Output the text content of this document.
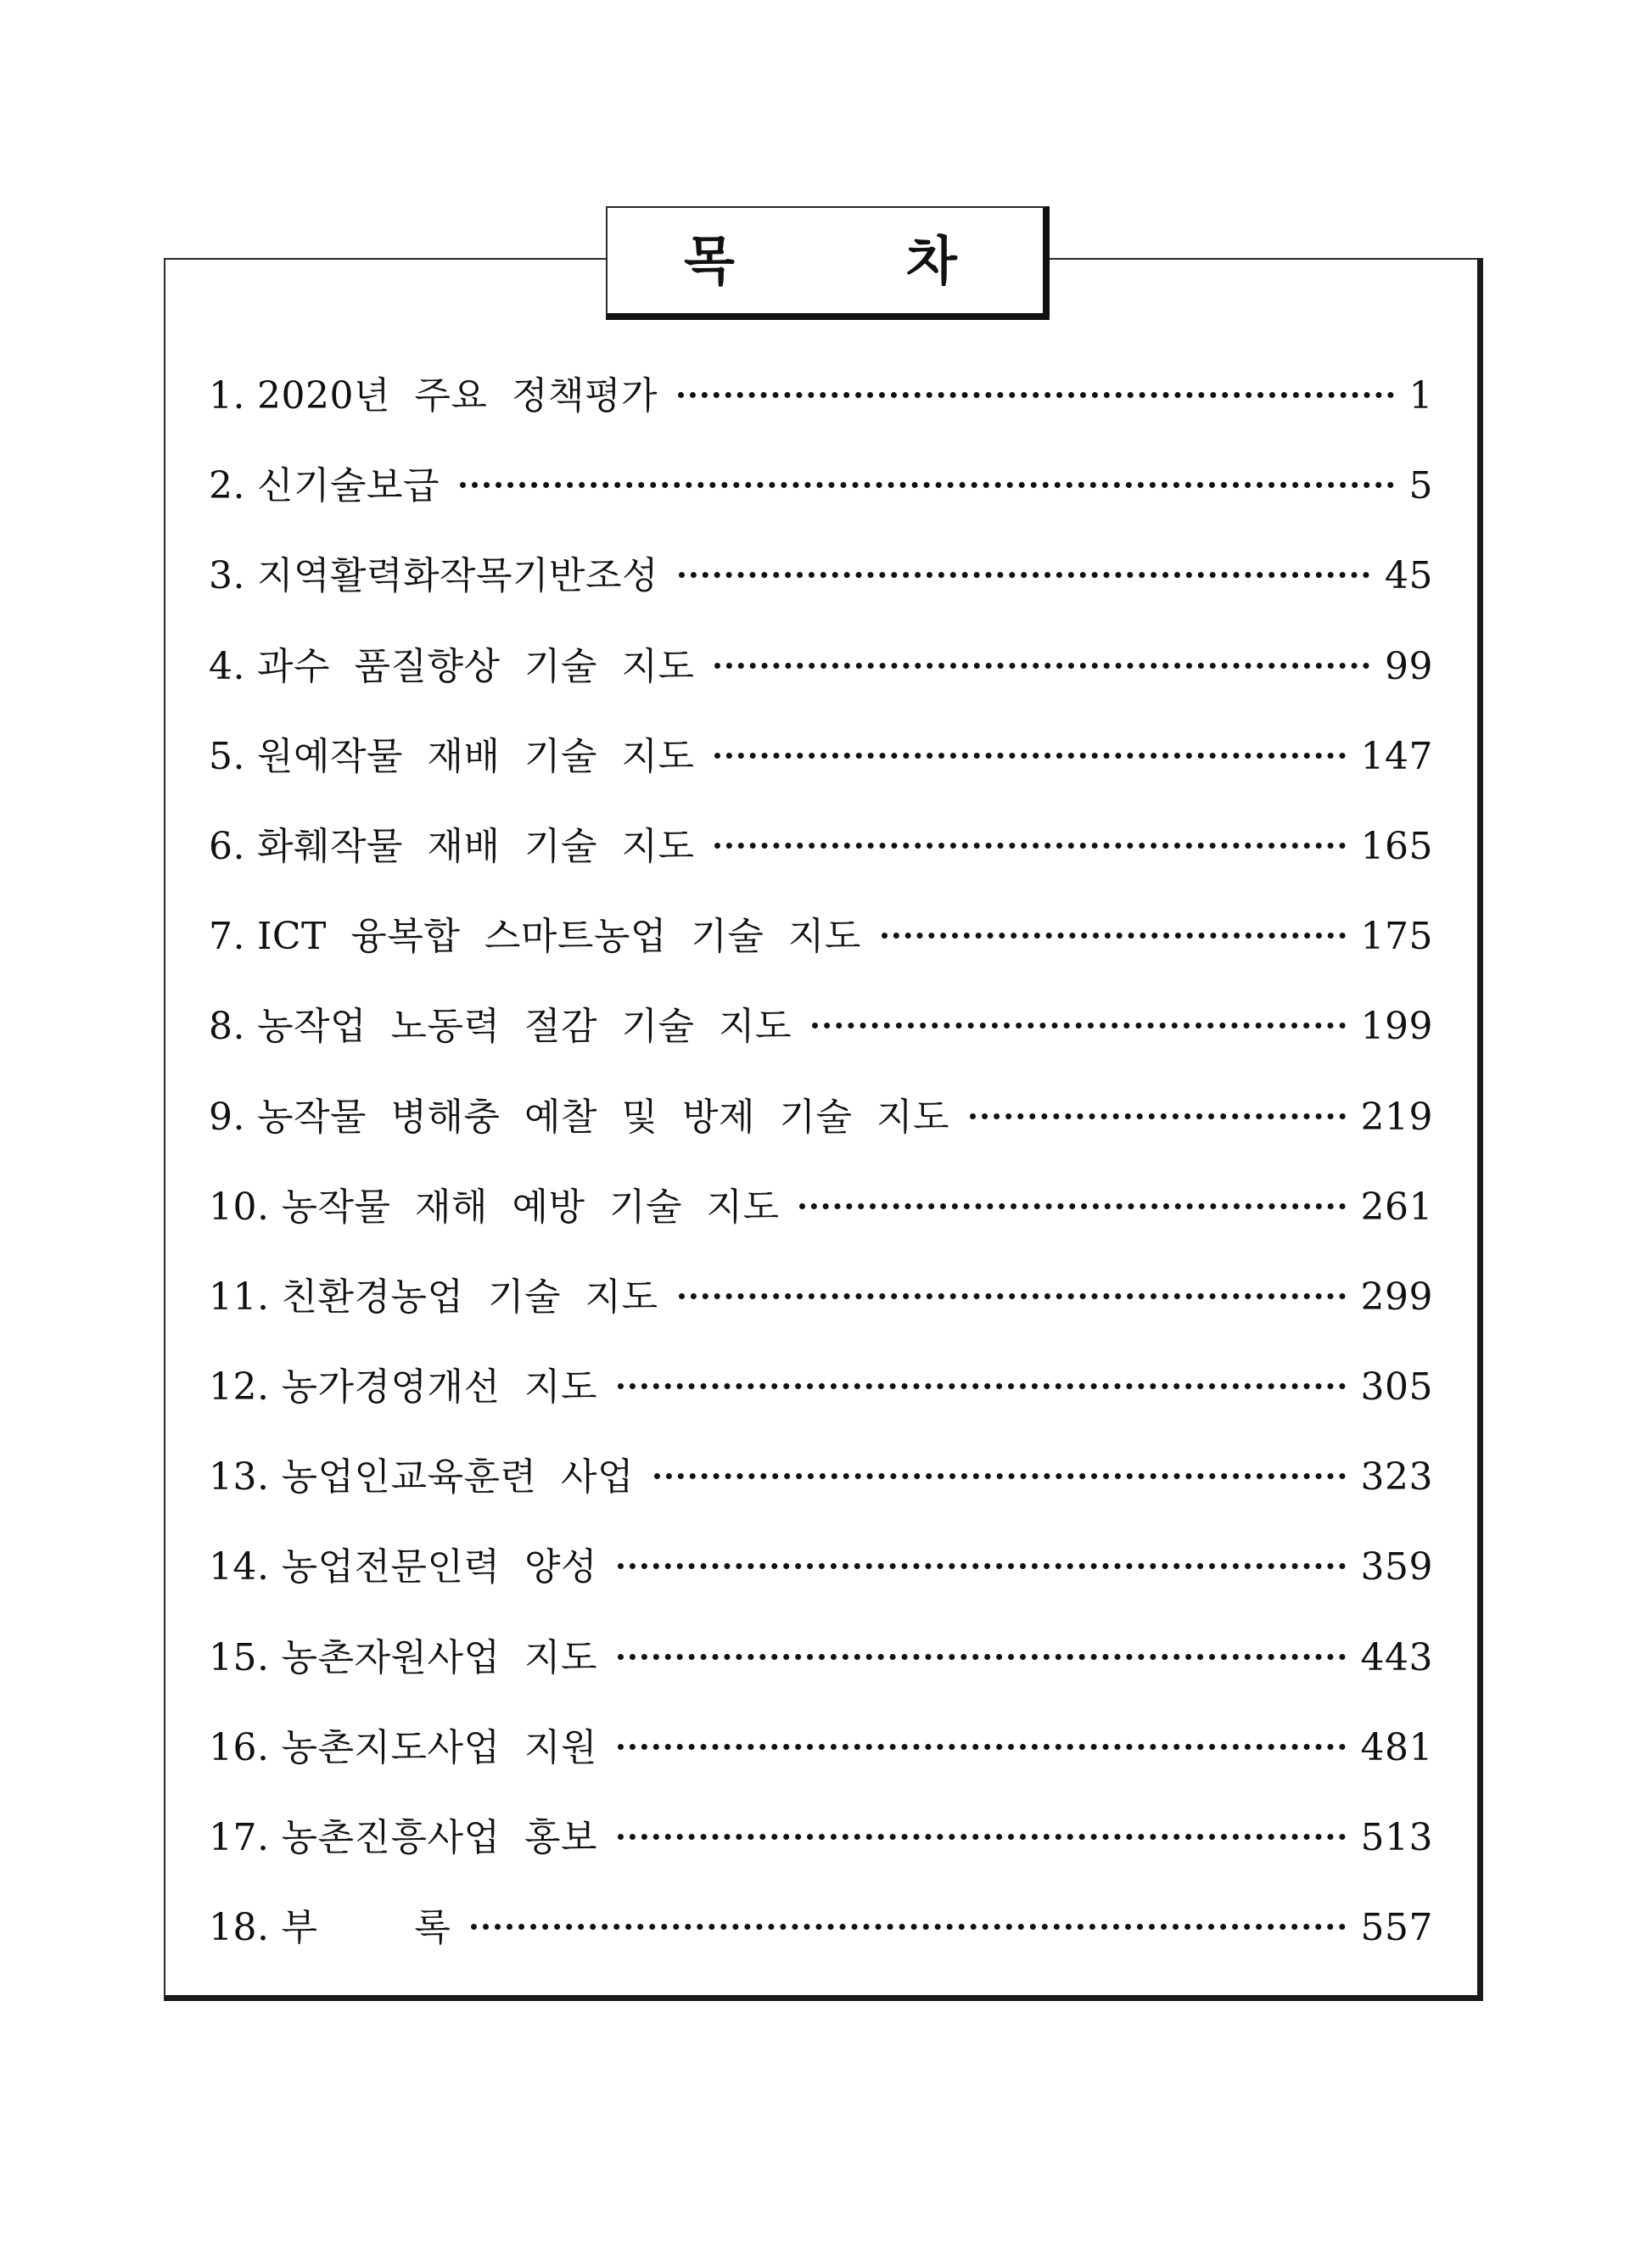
목	차
1. 2020년 주요 정책평가	1
2. 신기술보급	5
3. 지역활력화작목기반조성	45
4. 과수 품질향상 기술 지도	99
5. 원예작물 재배 기술 지도	147
6. 화훼작물 재배 기술 지도	165
7. ICT 융복합 스마트농업 기술 지도	175
8. 농작업 노동력 절감 기술 지도	199
9. 농작물 병해충 예찰 및 방제 기술 지도	219
10. 농작물 재해 예방 기술 지도	261
11. 친환경농업 기술 지도	299
12. 농가경영개선 지도	305
13. 농업인교육훈련 사업	323
14. 농업전문인력 양성	359
15. 농촌자원사업 지도	443
16. 농촌지도사업 지원	481
17. 농촌진흥사업 홍보	513
18. 부    록	557
